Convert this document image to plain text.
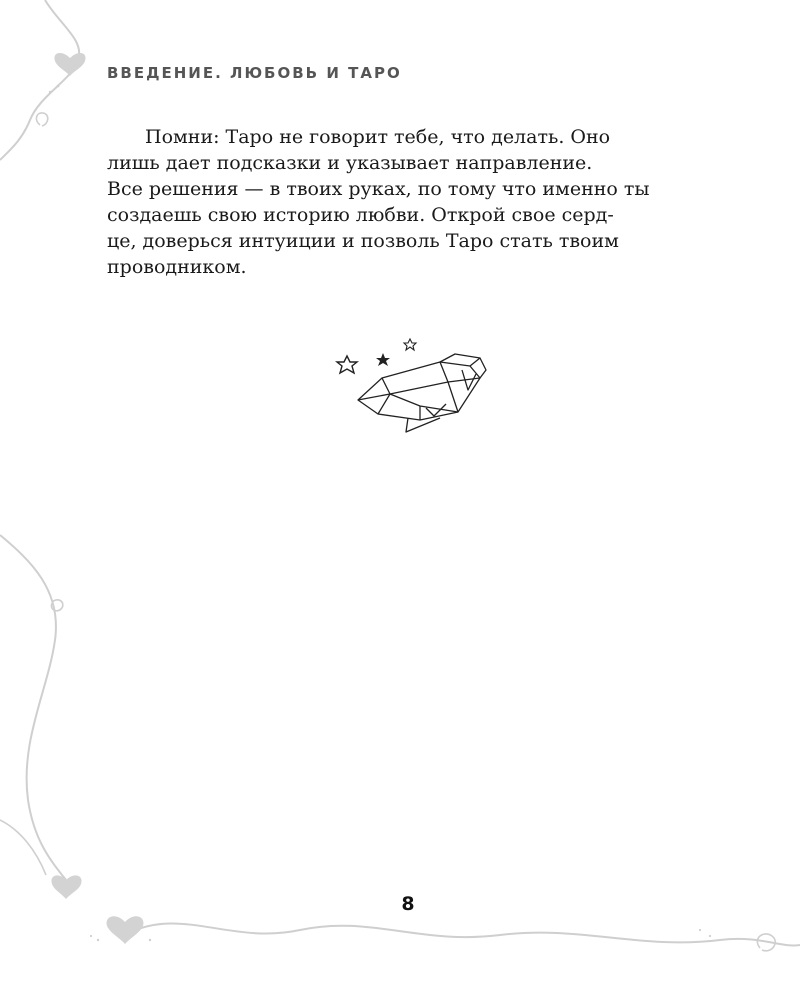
ВВЕДЕНИЕ. ЛЮБОВЬ И ТАРО

Помни: Таро не говорит тебе, что делать. Оно
лишь дает подсказки и указывает направление.
Все решения — в твоих руках, по тому что именно ты
создаешь свою историю любви. Открой свое серд-
це, доверься интуиции и позволь Таро стать твоим
проводником.

8
